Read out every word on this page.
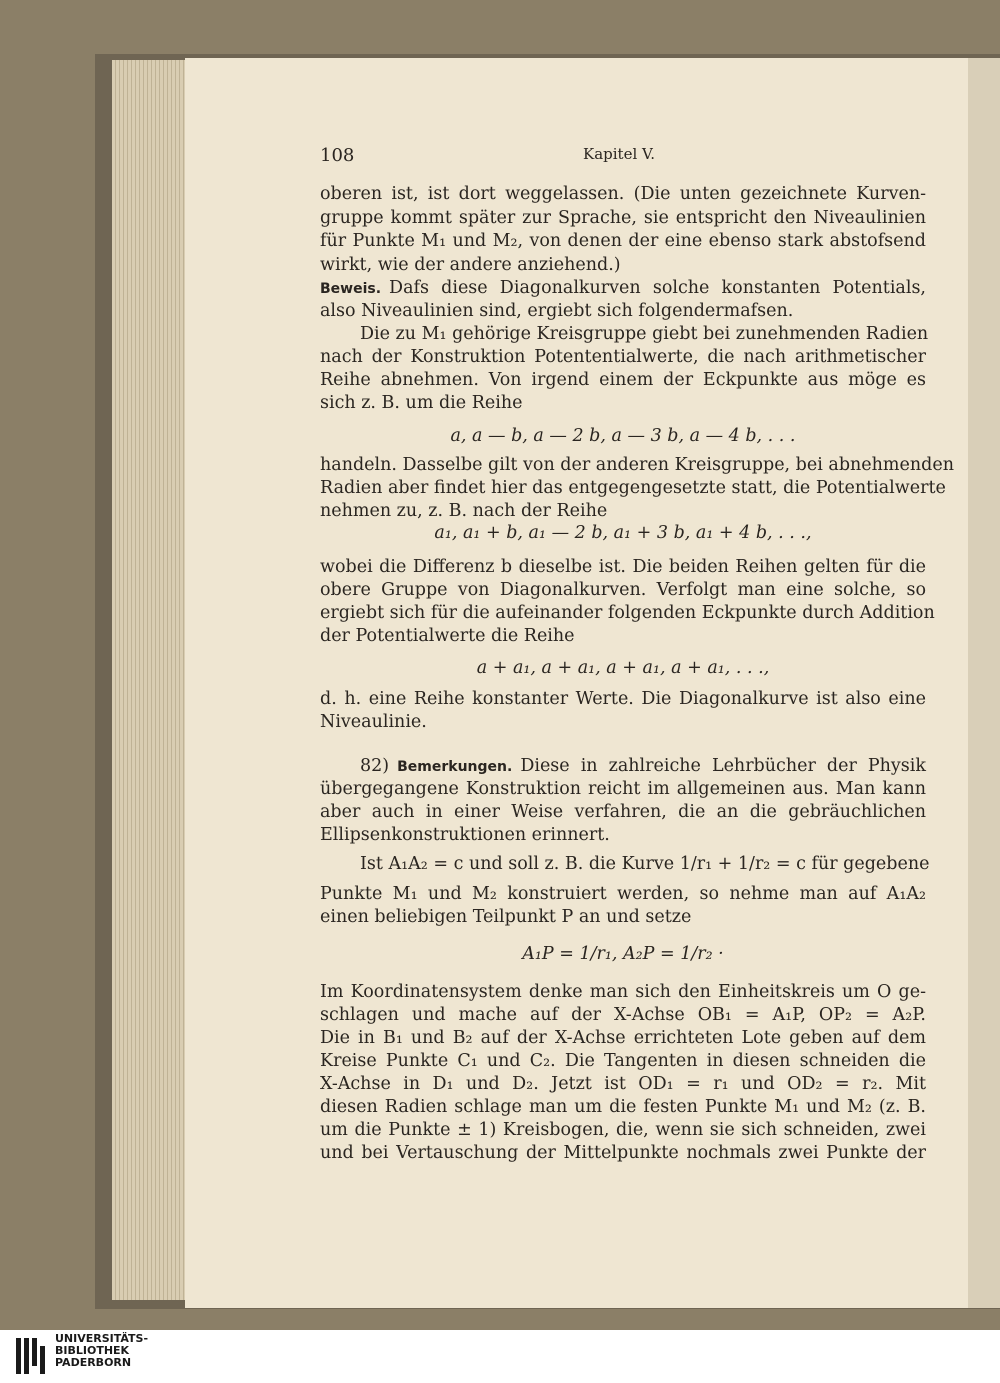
108	Kapitel V.
oberen ist, ist dort weggelassen. (Die unten gezeichnete Kurven-
gruppe kommt später zur Sprache, sie entspricht den Niveaulinien
für Punkte M₁ und M₂, von denen der eine ebenso stark abstofsend
wirkt, wie der andere anziehend.)
Beweis. Dafs diese Diagonalkurven solche konstanten Potentials,
also Niveaulinien sind, ergiebt sich folgendermafsen.
Die zu M₁ gehörige Kreisgruppe giebt bei zunehmenden Radien
nach der Konstruktion Potententialwerte, die nach arithmetischer
Reihe abnehmen. Von irgend einem der Eckpunkte aus möge es
sich z. B. um die Reihe
a, a — b, a — 2 b, a — 3 b, a — 4 b, . . .
handeln. Dasselbe gilt von der anderen Kreisgruppe, bei abnehmenden
Radien aber findet hier das entgegengesetzte statt, die Potentialwerte
nehmen zu, z. B. nach der Reihe
a₁, a₁ + b, a₁ — 2 b, a₁ + 3 b, a₁ + 4 b, . . .,
wobei die Differenz b dieselbe ist. Die beiden Reihen gelten für die
obere Gruppe von Diagonalkurven. Verfolgt man eine solche, so
ergiebt sich für die aufeinander folgenden Eckpunkte durch Addition
der Potentialwerte die Reihe
a + a₁, a + a₁, a + a₁, a + a₁, . . .,
d. h. eine Reihe konstanter Werte. Die Diagonalkurve ist also eine
Niveaulinie.
82) Bemerkungen. Diese in zahlreiche Lehrbücher der Physik
übergegangene Konstruktion reicht im allgemeinen aus. Man kann
aber auch in einer Weise verfahren, die an die gebräuchlichen
Ellipsenkonstruktionen erinnert.
Ist A₁A₂ = c und soll z. B. die Kurve 1/r₁ + 1/r₂ = c für gegebene
Punkte M₁ und M₂ konstruiert werden, so nehme man auf A₁A₂
einen beliebigen Teilpunkt P an und setze
A₁P = 1/r₁, A₂P = 1/r₂ ·
Im Koordinatensystem denke man sich den Einheitskreis um O ge-
schlagen und mache auf der X-Achse OB₁ = A₁P, OP₂ = A₂P.
Die in B₁ und B₂ auf der X-Achse errichteten Lote geben auf dem
Kreise Punkte C₁ und C₂. Die Tangenten in diesen schneiden die
X-Achse in D₁ und D₂. Jetzt ist OD₁ = r₁ und OD₂ = r₂. Mit
diesen Radien schlage man um die festen Punkte M₁ und M₂ (z. B.
um die Punkte ± 1) Kreisbogen, die, wenn sie sich schneiden, zwei
und bei Vertauschung der Mittelpunkte nochmals zwei Punkte der
UNIVERSITÄTS-
BIBLIOTHEK
PADERBORN
